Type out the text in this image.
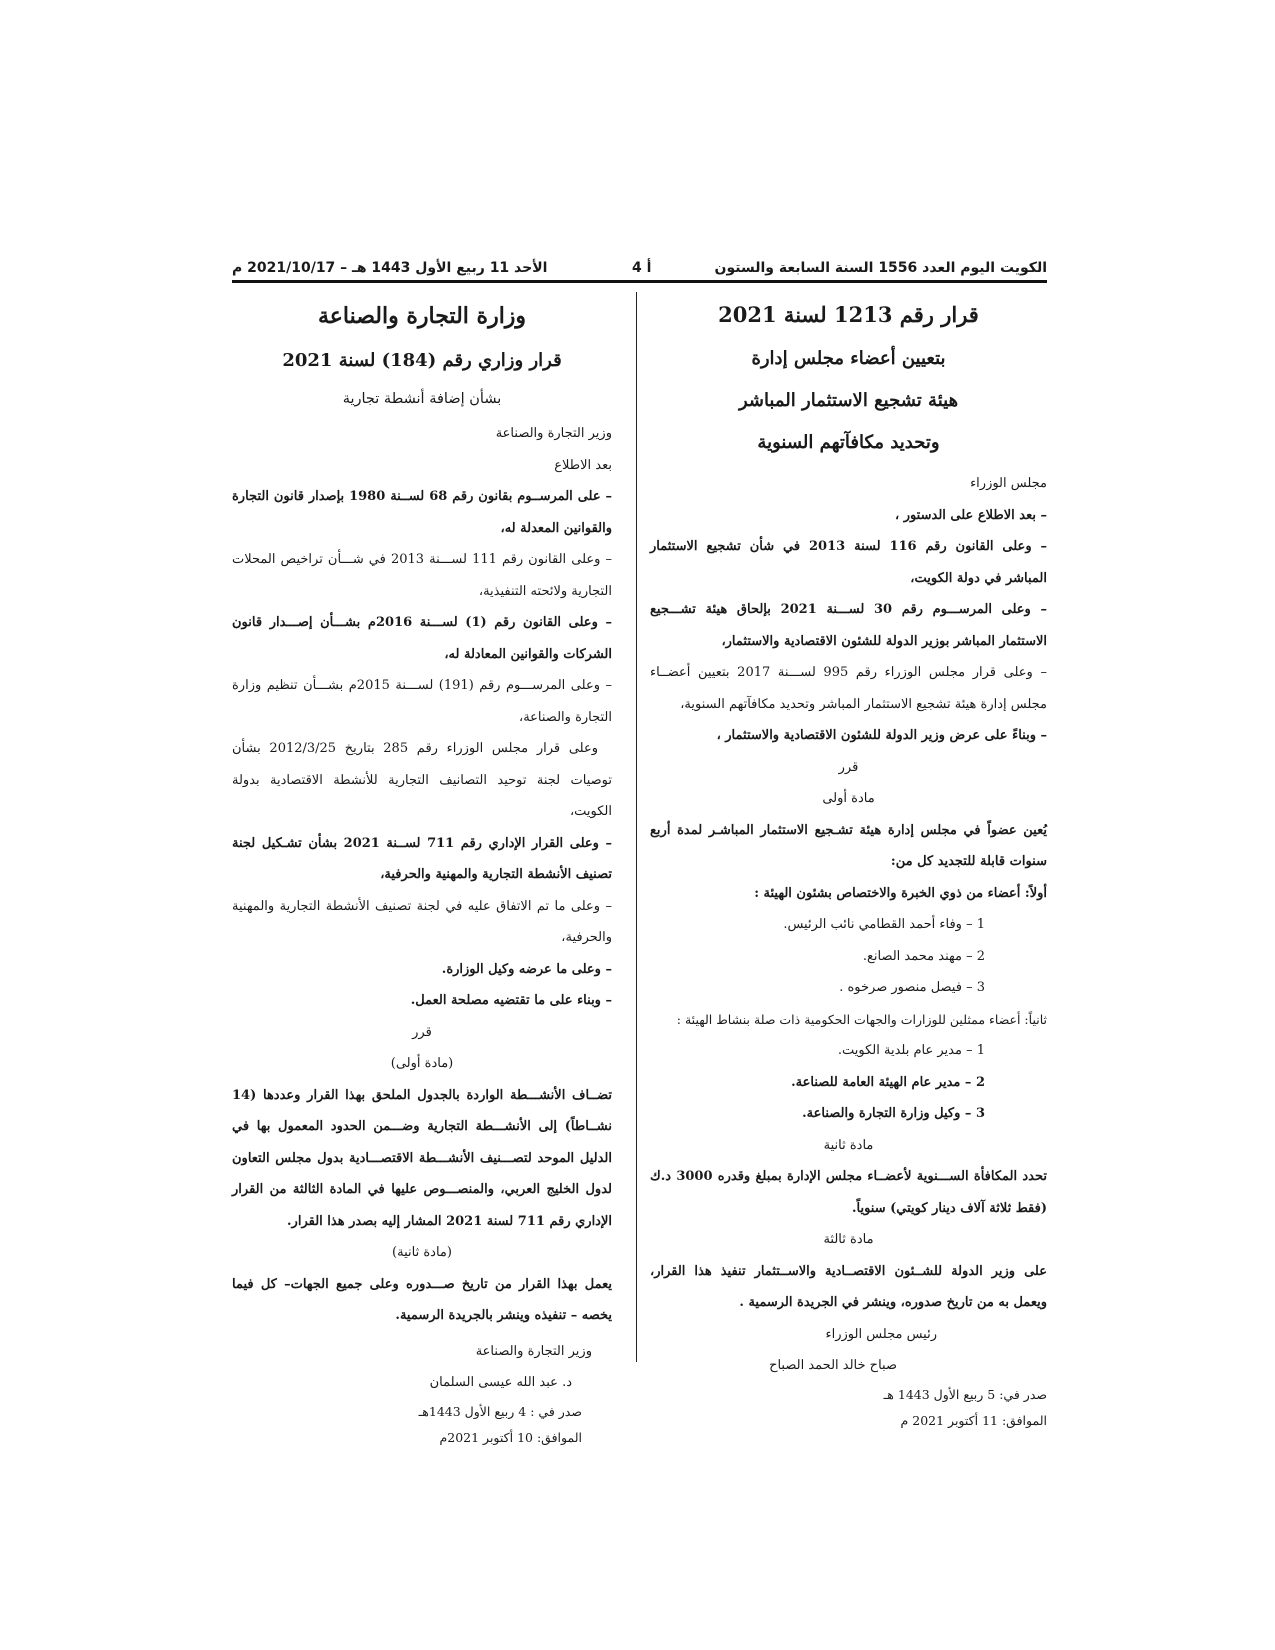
الكويت اليوم العدد 1556 السنة السابعة والستون
4 أ
الأحد 11 ربيع الأول 1443 هـ – 2021/10/17 م

قرار رقم 1213 لسنة 2021

بتعيين أعضاء مجلس إدارة

هيئة تشجيع الاستثمار المباشر

وتحديد مكافآتهم السنوية

مجلس الوزراء

– بعد الاطلاع على الدستور ،

– وعلى القانون رقم 116 لسنة 2013 في شأن تشجيع الاستثمار المباشر في دولة الكويت،

– وعلى المرســـوم رقم 30 لســـنة 2021 بإلحاق هيئة تشـــجيع الاستثمار المباشر بوزير الدولة للشئون الاقتصادية والاستثمار،

– وعلى قرار مجلس الوزراء رقم 995 لســـنة 2017 بتعيين أعضــاء مجلس إدارة هيئة تشجيع الاستثمار المباشر وتحديد مكافآتهم السنوية،

– وبناءً على عرض وزير الدولة للشئون الاقتصادية والاستثمار ،

قرر

مادة أولى

يُعين عضواً في مجلس إدارة هيئة تشـجيع الاستثمار المباشـر لمدة أربع سنوات قابلة للتجديد كل من:

أولاً: أعضاء من ذوي الخبرة والاختصاص بشئون الهيئة :

1 – وفاء أحمد القطامي نائب الرئيس.

2 – مهند محمد الصانع.

3 – فيصل منصور صرخوه .

ثانياً: أعضاء ممثلين للوزارات والجهات الحكومية ذات صلة بنشاط الهيئة :

1 – مدير عام بلدية الكويت.

2 – مدير عام الهيئة العامة للصناعة.

3 – وكيل وزارة التجارة والصناعة.

مادة ثانية

تحدد المكافأة الســـنوية لأعضــاء مجلس الإدارة بمبلغ وقدره 3000 د.ك (فقط ثلاثة آلاف دينار كويتي) سنوياً.

مادة ثالثة

على وزير الدولة للشــئون الاقتصــادية والاســتثمار تنفيذ هذا القرار، ويعمل به من تاريخ صدوره، وينشر في الجريدة الرسمية .

رئيس مجلس الوزراء

صباح خالد الحمد الصباح

صدر في: 5 ربيع الأول 1443 هـ

الموافق: 11 أكتوبر 2021 م

وزارة التجارة والصناعة

قرار وزاري رقم (184) لسنة 2021

بشأن إضافة أنشطة تجارية

وزير التجارة والصناعة

بعد الاطلاع

– على المرســوم بقانون رقم 68 لســنة 1980 بإصدار قانون التجارة والقوانين المعدلة له،

– وعلى القانون رقم 111 لســـنة 2013 في شـــأن تراخيص المحلات التجارية ولائحته التنفيذية،

– وعلى القانون رقم (1) لســـنة 2016م بشـــأن إصـــدار قانون الشركات والقوانين المعادلة له،

– وعلى المرســـوم رقم (191) لســـنة 2015م بشـــأن تنظيم وزارة التجارة والصناعة،

وعلى قرار مجلس الوزراء رقم 285 بتاريخ 2012/3/25 بشأن توصيات لجنة توحيد التصانيف التجارية للأنشطة الاقتصادية بدولة الكويت،

– وعلى القرار الإداري رقم 711 لســنة 2021 بشأن تشـكيل لجنة تصنيف الأنشطة التجارية والمهنية والحرفية،

– وعلى ما تم الاتفاق عليه في لجنة تصنيف الأنشطة التجارية والمهنية والحرفية،

– وعلى ما عرضه وكيل الوزارة.

– وبناء على ما تقتضيه مصلحة العمل.

قرر

(مادة أولى)

تضــاف الأنشـــطة الواردة بالجدول الملحق بهذا القرار وعددها (14 نشــاطاً) إلى الأنشـــطة التجارية وضـــمن الحدود المعمول بها في الدليل الموحد لتصـــنيف الأنشـــطة الاقتصـــادية بدول مجلس التعاون لدول الخليج العربي، والمنصـــوص عليها في المادة الثالثة من القرار الإداري رقم 711 لسنة 2021 المشار إليه بصدر هذا القرار.

(مادة ثانية)

يعمل بهذا القرار من تاريخ صـــدوره وعلى جميع الجهات– كل فيما يخصه – تنفيذه وينشر بالجريدة الرسمية.

وزير التجارة والصناعة

د. عبد الله عيسى السلمان

صدر في : 4 ربيع الأول 1443هـ

الموافق: 10 أكتوبر 2021م
